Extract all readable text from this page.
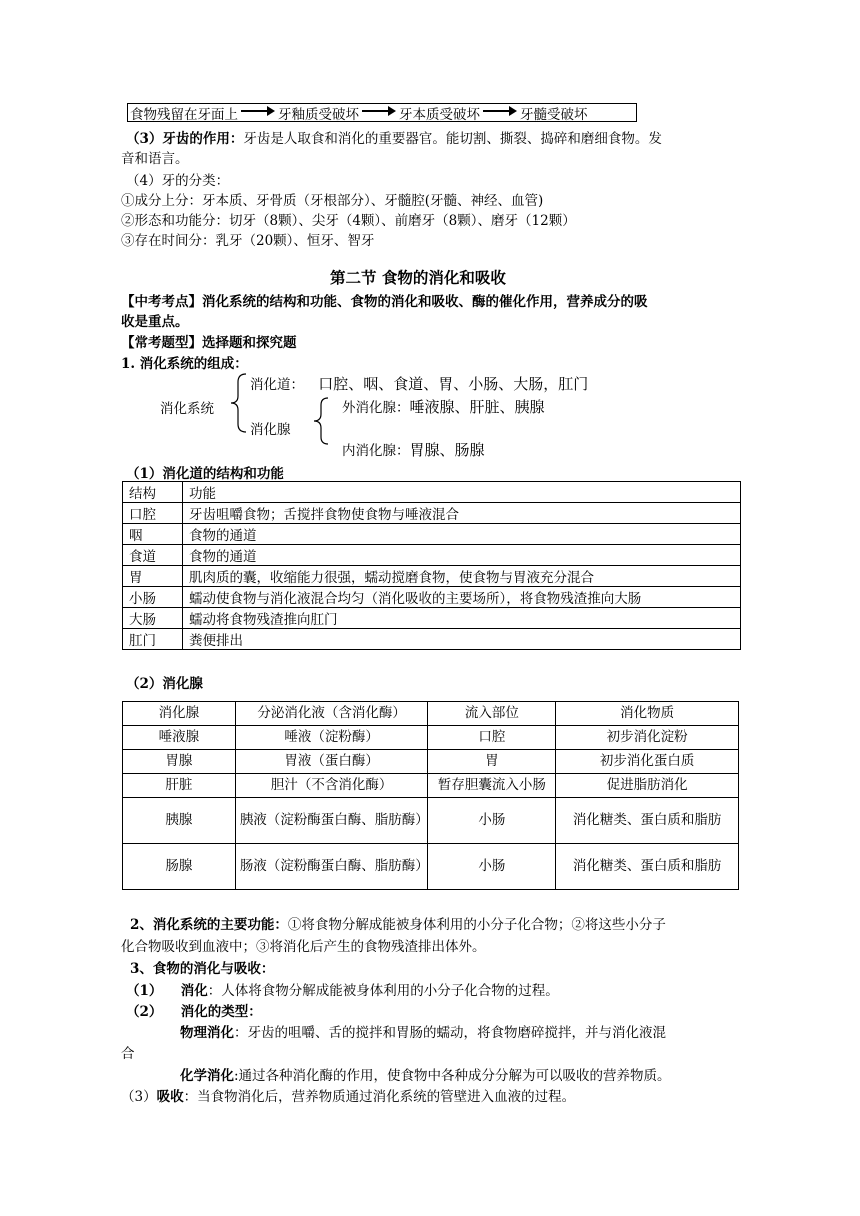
食物残留在牙面上	牙釉质受破坏	牙本质受破坏	牙髓受破坏
（3）牙齿的作用：牙齿是人取食和消化的重要器官。能切割、撕裂、捣碎和磨细食物。发
音和语言。
（4）牙的分类：
①成分上分：牙本质、牙骨质（牙根部分）、牙髓腔(牙髓、神经、血管)
②形态和功能分：切牙（8颗）、尖牙（4颗）、前磨牙（8颗）、磨牙（12颗）
③存在时间分：乳牙（20颗）、恒牙、智牙
第二节 食物的消化和吸收
【中考考点】消化系统的结构和功能、食物的消化和吸收、酶的催化作用，营养成分的吸
收是重点。
【常考题型】选择题和探究题
1. 消化系统的组成：
消化系统
消化道： 口腔、咽、食道、胃、小肠、大肠，肛门
消化腺
外消化腺：唾液腺、肝脏、胰腺
内消化腺：胃腺、肠腺
（1）消化道的结构和功能
结构	功能
口腔	牙齿咀嚼食物；舌搅拌食物使食物与唾液混合
咽	食物的通道
食道	食物的通道
胃	肌肉质的囊，收缩能力很强，蠕动搅磨食物，使食物与胃液充分混合
小肠	蠕动使食物与消化液混合均匀（消化吸收的主要场所），将食物残渣推向大肠
大肠	蠕动将食物残渣推向肛门
肛门	粪便排出
（2）消化腺
消化腺	分泌消化液（含消化酶）	流入部位	消化物质
唾液腺	唾液（淀粉酶）	口腔	初步消化淀粉
胃腺	胃液（蛋白酶）	胃	初步消化蛋白质
肝脏	胆汁（不含消化酶）	暂存胆囊流入小肠	促进脂肪消化
胰腺	胰液（淀粉酶蛋白酶、脂肪酶）	小肠	消化糖类、蛋白质和脂肪
肠腺	肠液（淀粉酶蛋白酶、脂肪酶）	小肠	消化糖类、蛋白质和脂肪
2、消化系统的主要功能：①将食物分解成能被身体利用的小分子化合物；②将这些小分子
化合物吸收到血液中；③将消化后产生的食物残渣排出体外。
3、食物的消化与吸收：
（1） 消化：人体将食物分解成能被身体利用的小分子化合物的过程。
（2） 消化的类型：
物理消化：牙齿的咀嚼、舌的搅拌和胃肠的蠕动，将食物磨碎搅拌，并与消化液混
合
化学消化:通过各种消化酶的作用，使食物中各种成分分解为可以吸收的营养物质。
（3）吸收：当食物消化后，营养物质通过消化系统的管壁进入血液的过程。
